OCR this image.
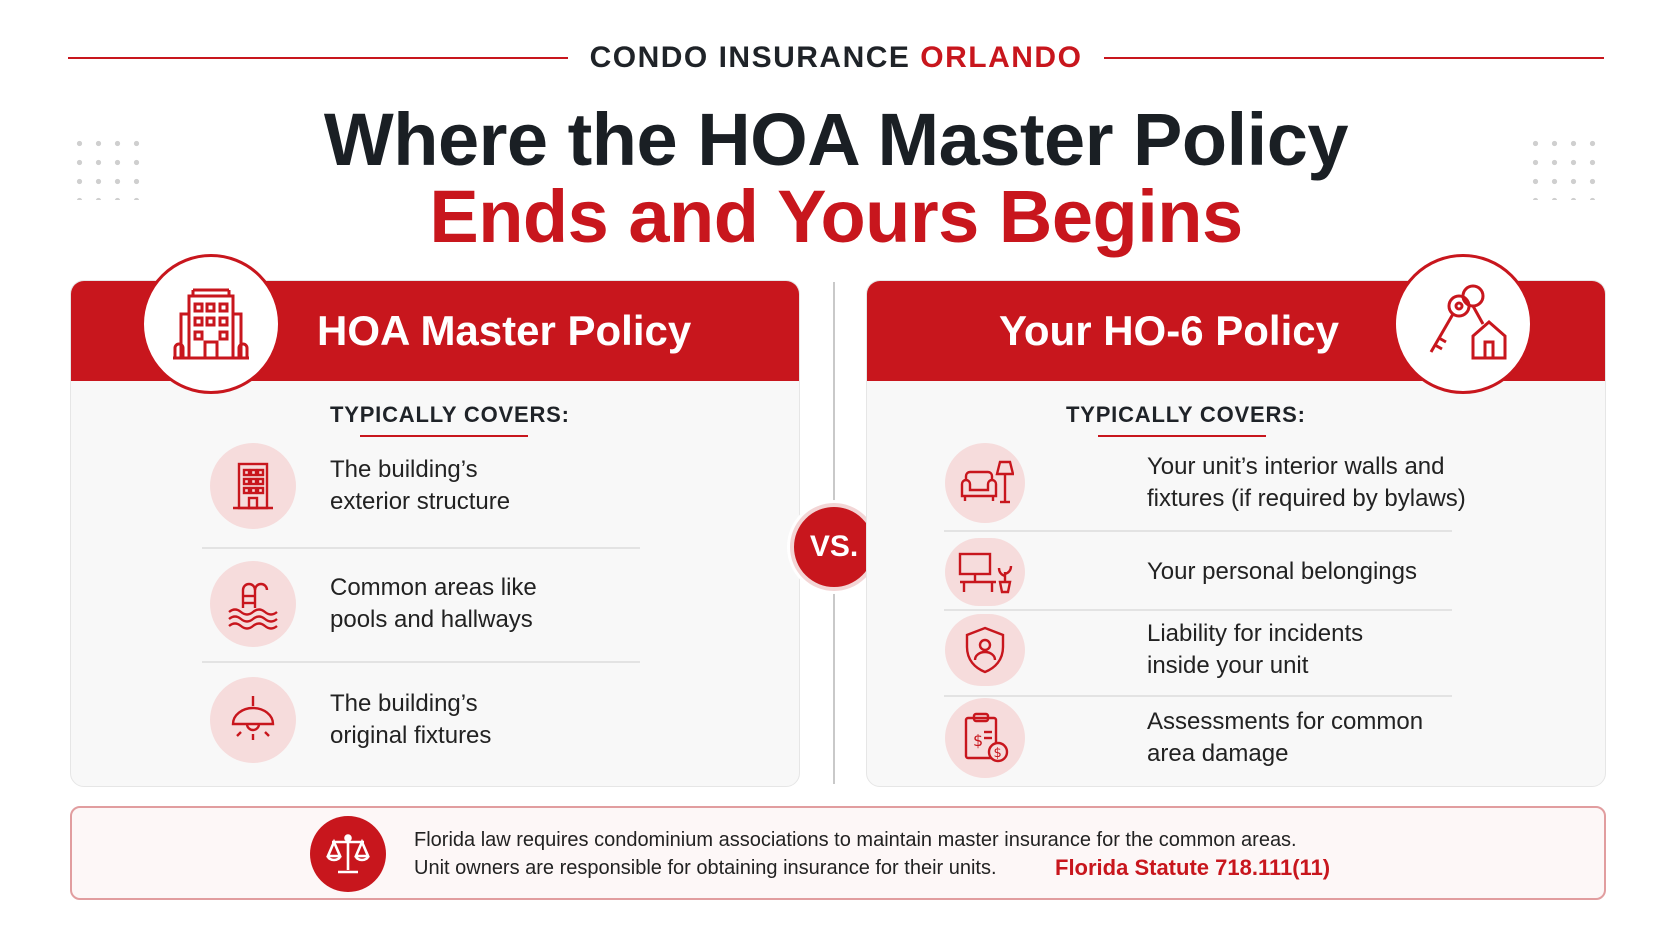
CONDO INSURANCE ORLANDO
Where the HOA Master Policy
Ends and Yours Begins
HOA Master Policy
TYPICALLY COVERS:
The building’s
exterior structure
Common areas like
pools and hallways
The building’s
original fixtures
VS.
Your HO-6 Policy
TYPICALLY COVERS:
Your unit’s interior walls and
fixtures (if required by bylaws)
Your personal belongings
Liability for incidents
inside your unit
$
$
Assessments for common
area damage
Florida law requires condominium associations to maintain master insurance for the common areas.
Unit owners are responsible for obtaining insurance for their units.	Florida Statute 718.111(11)
